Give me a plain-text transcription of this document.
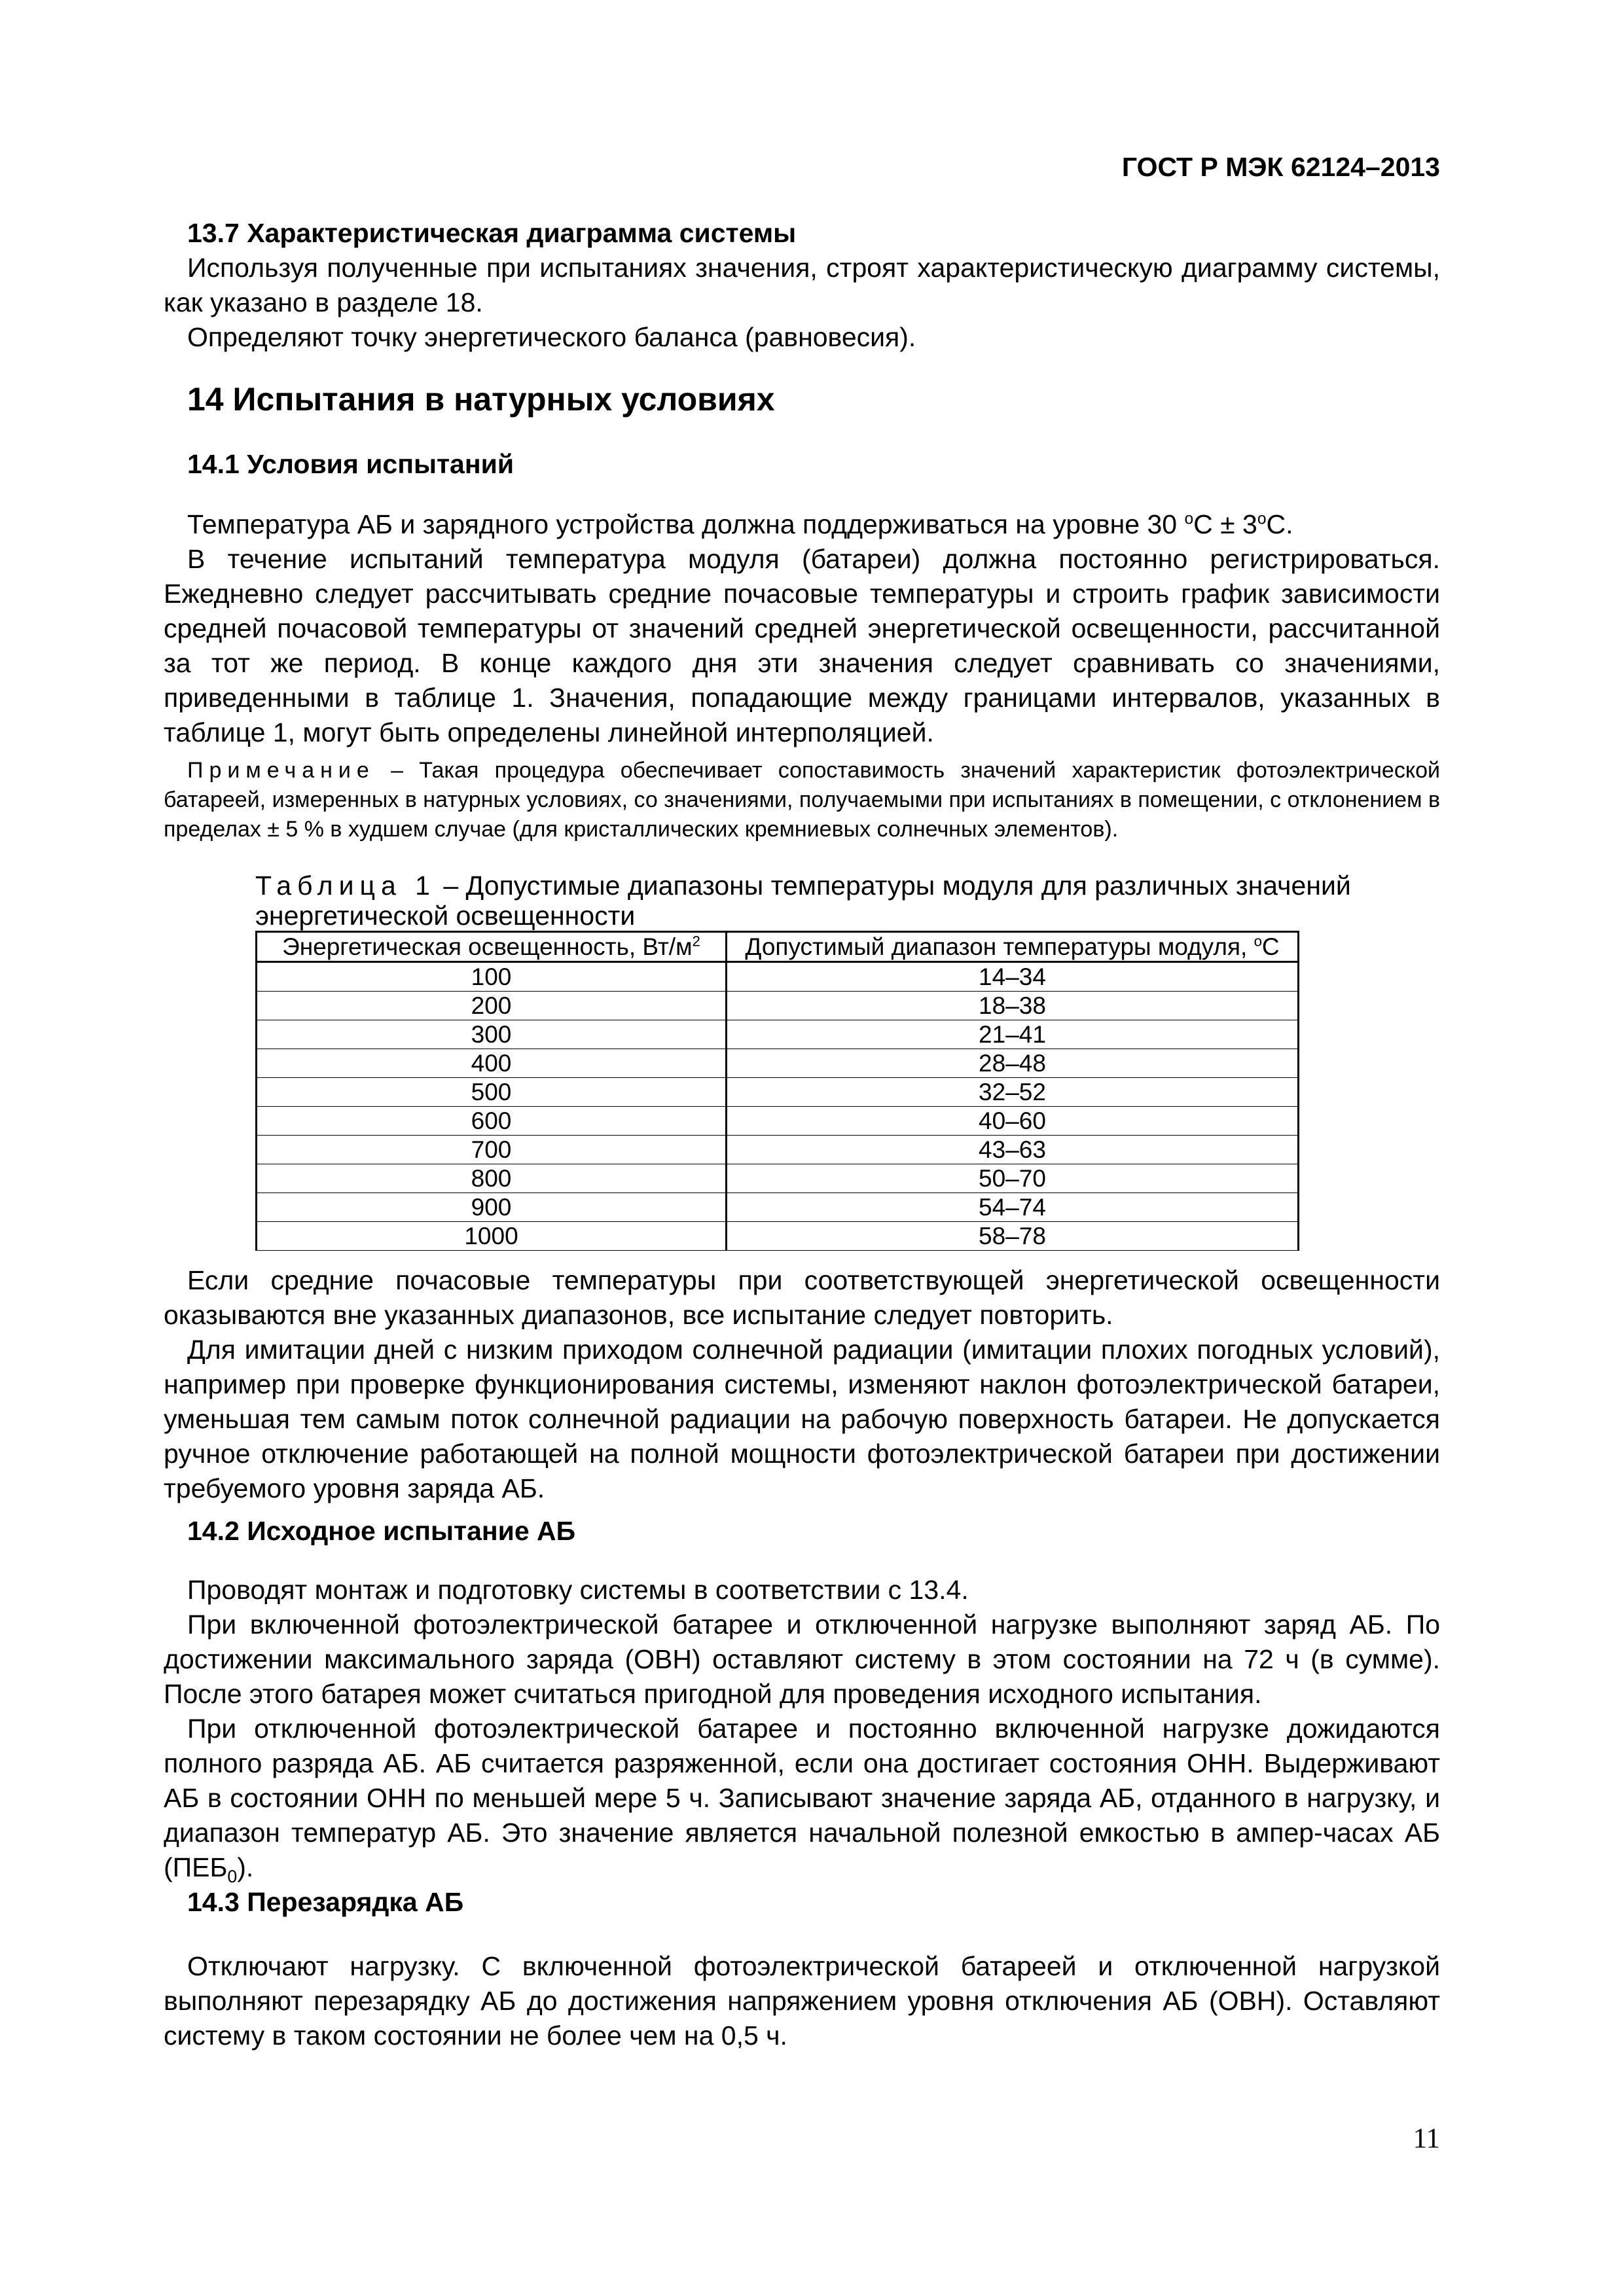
ГОСТ Р МЭК 62124–2013

13.7 Характеристическая диаграмма системы

Используя полученные при испытаниях значения, строят характеристическую диаграмму системы, как указано в разделе 18.

Определяют точку энергетического баланса (равновесия).

14 Испытания в натурных условиях

14.1 Условия испытаний

Температура АБ и зарядного устройства должна поддерживаться на уровне 30 $^оС \pm 3^оС$.

В течение испытаний температура модуля (батареи) должна постоянно регистрироваться. Ежедневно следует рассчитывать средние почасовые температуры и строить график зависимости средней почасовой температуры от значений средней энергетической освещенности, рассчитанной за тот же период. В конце каждого дня эти значения следует сравнивать со значениями, приведенными в таблице 1. Значения, попадающие между границами интервалов, указанных в таблице 1, могут быть определены линейной интерполяцией.

Примечание – Такая процедура обеспечивает сопоставимость значений характеристик фотоэлектрической батареей, измеренных в натурных условиях, со значениями, получаемыми при испытаниях в помещении, с отклонением в пределах ± 5 % в худшем случае (для кристаллических кремниевых солнечных элементов).

Таблица 1 – Допустимые диапазоны температуры модуля для различных значений энергетической освещенности

Энергетическая освещенность, $Вт/м^2$	Допустимый диапазон температуры модуля, $^о$С
100	14–34
200	18–38
300	21–41
400	28–48
500	32–52
600	40–60
700	43–63
800	50–70
900	54–74
1000	58–78

Если средние почасовые температуры при соответствующей энергетической освещенности оказываются вне указанных диапазонов, все испытание следует повторить.

Для имитации дней с низким приходом солнечной радиации (имитации плохих погодных условий), например при проверке функционирования системы, изменяют наклон фотоэлектрической батареи, уменьшая тем самым поток солнечной радиации на рабочую поверхность батареи. Не допускается ручное отключение работающей на полной мощности фотоэлектрической батареи при достижении требуемого уровня заряда АБ.

14.2 Исходное испытание АБ

Проводят монтаж и подготовку системы в соответствии с 13.4.

При включенной фотоэлектрической батарее и отключенной нагрузке выполняют заряд АБ. По достижении максимального заряда (ОВН) оставляют систему в этом состоянии на 72 ч (в сумме). После этого батарея может считаться пригодной для проведения исходного испытания.

При отключенной фотоэлектрической батарее и постоянно включенной нагрузке дожидаются полного разряда АБ. АБ считается разряженной, если она достигает состояния ОНН. Выдерживают АБ в состоянии ОНН по меньшей мере 5 ч. Записывают значение заряда АБ, отданного в нагрузку, и диапазон температур АБ. Это значение является начальной полезной емкостью в ампер-часах АБ $(ПЕБ_0)$.

14.3 Перезарядка АБ

Отключают нагрузку. С включенной фотоэлектрической батареей и отключенной нагрузкой выполняют перезарядку АБ до достижения напряжением уровня отключения АБ (ОВН). Оставляют систему в таком состоянии не более чем на 0,5 ч.

11
